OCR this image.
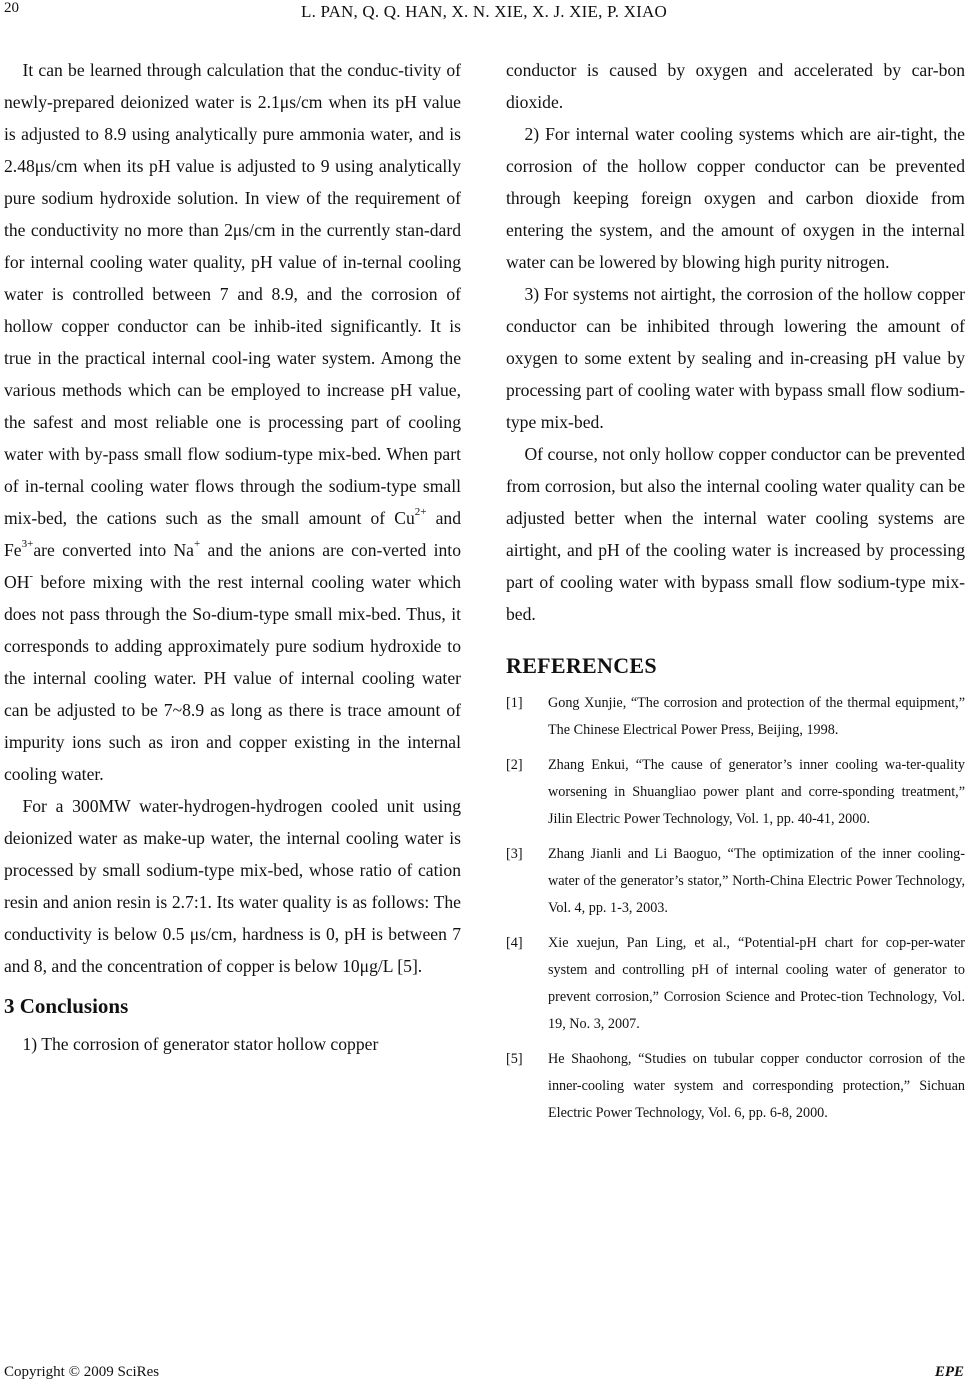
20	L. PAN, Q. Q. HAN, X. N. XIE, X. J. XIE, P. XIAO

It can be learned through calculation that the conduc-tivity of newly-prepared deionized water is 2.1μs/cm when its pH value is adjusted to 8.9 using analytically pure ammonia water, and is 2.48μs/cm when its pH value is adjusted to 9 using analytically pure sodium hydroxide solution. In view of the requirement of the conductivity no more than 2μs/cm in the currently stan-dard for internal cooling water quality, pH value of in-ternal cooling water is controlled between 7 and 8.9, and the corrosion of hollow copper conductor can be inhib-ited significantly. It is true in the practical internal cool-ing water system. Among the various methods which can be employed to increase pH value, the safest and most reliable one is processing part of cooling water with by-pass small flow sodium-type mix-bed. When part of in-ternal cooling water flows through the sodium-type small mix-bed, the cations such as the small amount of $Cu^{2+}$ and $Fe^{3+}are$ converted into Na+ and the anions are con-verted into OH- before mixing with the rest internal cooling water which does not pass through the So-dium-type small mix-bed. Thus, it corresponds to adding approximately pure sodium hydroxide to the internal cooling water. PH value of internal cooling water can be adjusted to be 7~8.9 as long as there is trace amount of impurity ions such as iron and copper existing in the internal cooling water.

For a 300MW water-hydrogen-hydrogen cooled unit using deionized water as make-up water, the internal cooling water is processed by small sodium-type mix-bed, whose ratio of cation resin and anion resin is 2.7:1. Its water quality is as follows: The conductivity is below 0.5 μs/cm, hardness is 0, pH is between 7 and 8, and the concentration of copper is below 10μg/L [5].

3 Conclusions

1) The corrosion of generator stator hollow copper

conductor is caused by oxygen and accelerated by car-bon dioxide.

2) For internal water cooling systems which are air-tight, the corrosion of the hollow copper conductor can be prevented through keeping foreign oxygen and carbon dioxide from entering the system, and the amount of oxygen in the internal water can be lowered by blowing high purity nitrogen.

3) For systems not airtight, the corrosion of the hollow copper conductor can be inhibited through lowering the amount of oxygen to some extent by sealing and in-creasing pH value by processing part of cooling water with bypass small flow sodium-type mix-bed.

Of course, not only hollow copper conductor can be prevented from corrosion, but also the internal cooling water quality can be adjusted better when the internal water cooling systems are airtight, and pH of the cooling water is increased by processing part of cooling water with bypass small flow sodium-type mix-bed.

REFERENCES
[1]	Gong Xunjie, “The corrosion and protection of the thermal equipment,” The Chinese Electrical Power Press, Beijing, 1998.
[2]	Zhang Enkui, “The cause of generator’s inner cooling wa-ter-quality worsening in Shuangliao power plant and corre-sponding treatment,” Jilin Electric Power Technology, Vol. 1, pp. 40-41, 2000.
[3]	Zhang Jianli and Li Baoguo, “The optimization of the inner cooling-water of the generator’s stator,” North-China Electric Power Technology, Vol. 4, pp. 1-3, 2003.
[4]	Xie xuejun, Pan Ling, et al., “Potential-pH chart for cop-per-water system and controlling pH of internal cooling water of generator to prevent corrosion,” Corrosion Science and Protec-tion Technology, Vol. 19, No. 3, 2007.
[5]	He Shaohong, “Studies on tubular copper conductor corrosion of the inner-cooling water system and corresponding protection,” Sichuan Electric Power Technology, Vol. 6, pp. 6-8, 2000.
Copyright © 2009 SciRes	EPE
